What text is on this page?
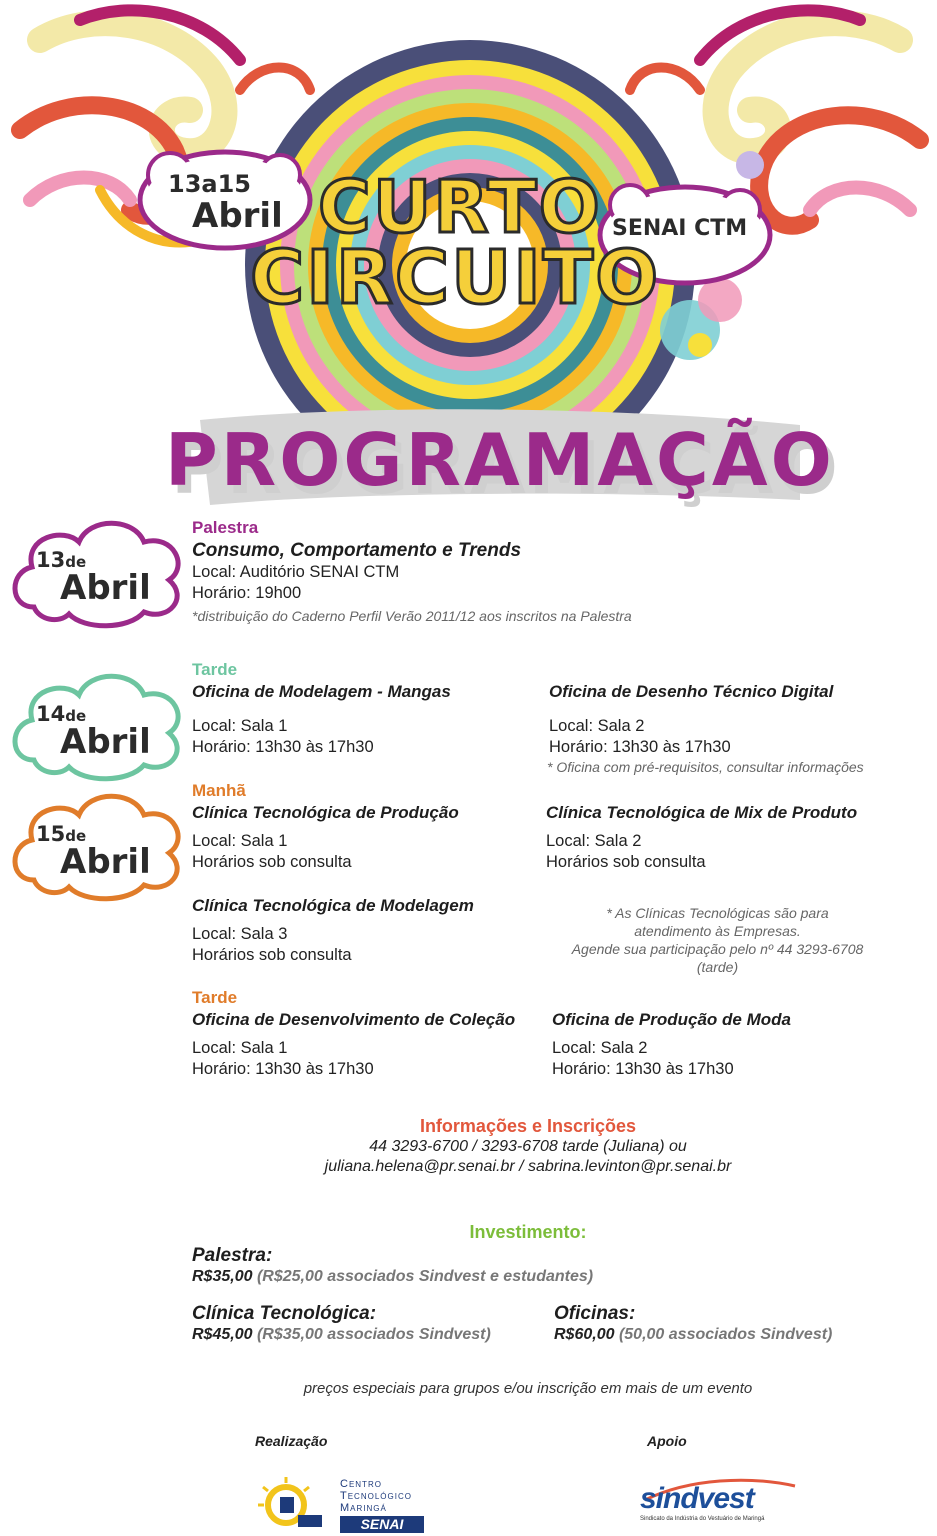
13a15
Abril	SENAI CTM
CURTO
CIRCUITO
PROGRAMAÇÃO
13de
Abril
14de
Abril
15de
Abril
Palestra
Consumo, Comportamento e Trends
Local: Auditório SENAI CTM
Horário: 19h00
*distribuição do Caderno Perfil Verão 2011/12 aos inscritos na Palestra
Tarde
Oficina de Modelagem - Mangas
Local: Sala 1
Horário: 13h30 às 17h30
Oficina de Desenho Técnico Digital
Local: Sala 2
Horário: 13h30 às 17h30
* Oficina com pré-requisitos, consultar informações
Manhã
Clínica Tecnológica de Produção
Local: Sala 1
Horários sob consulta
Clínica Tecnológica de Mix de Produto
Local: Sala 2
Horários sob consulta
Clínica Tecnológica de Modelagem
Local: Sala 3
Horários sob consulta
* As Clínicas Tecnológicas são para
atendimento às Empresas.
Agende sua participação pelo nº 44 3293-6708
(tarde)
Tarde
Oficina de Desenvolvimento de Coleção
Local: Sala 1
Horário: 13h30 às 17h30
Oficina de Produção de Moda
Local: Sala 2
Horário: 13h30 às 17h30
Informações e Inscrições
44 3293-6700 / 3293-6708 tarde (Juliana) ou
juliana.helena@pr.senai.br / sabrina.levinton@pr.senai.br
Investimento:
Palestra:
R$35,00 (R$25,00 associados Sindvest e estudantes)
Clínica Tecnológica:
R$45,00 (R$35,00 associados Sindvest)
Oficinas:
R$60,00 (50,00 associados Sindvest)
preços especiais para grupos e/ou inscrição em mais de um evento
Realização	Apoio
Centro
Tecnológico
Maringá
SENAI
sindvest
Sindicato da Indústria do Vestuário de Maringá
